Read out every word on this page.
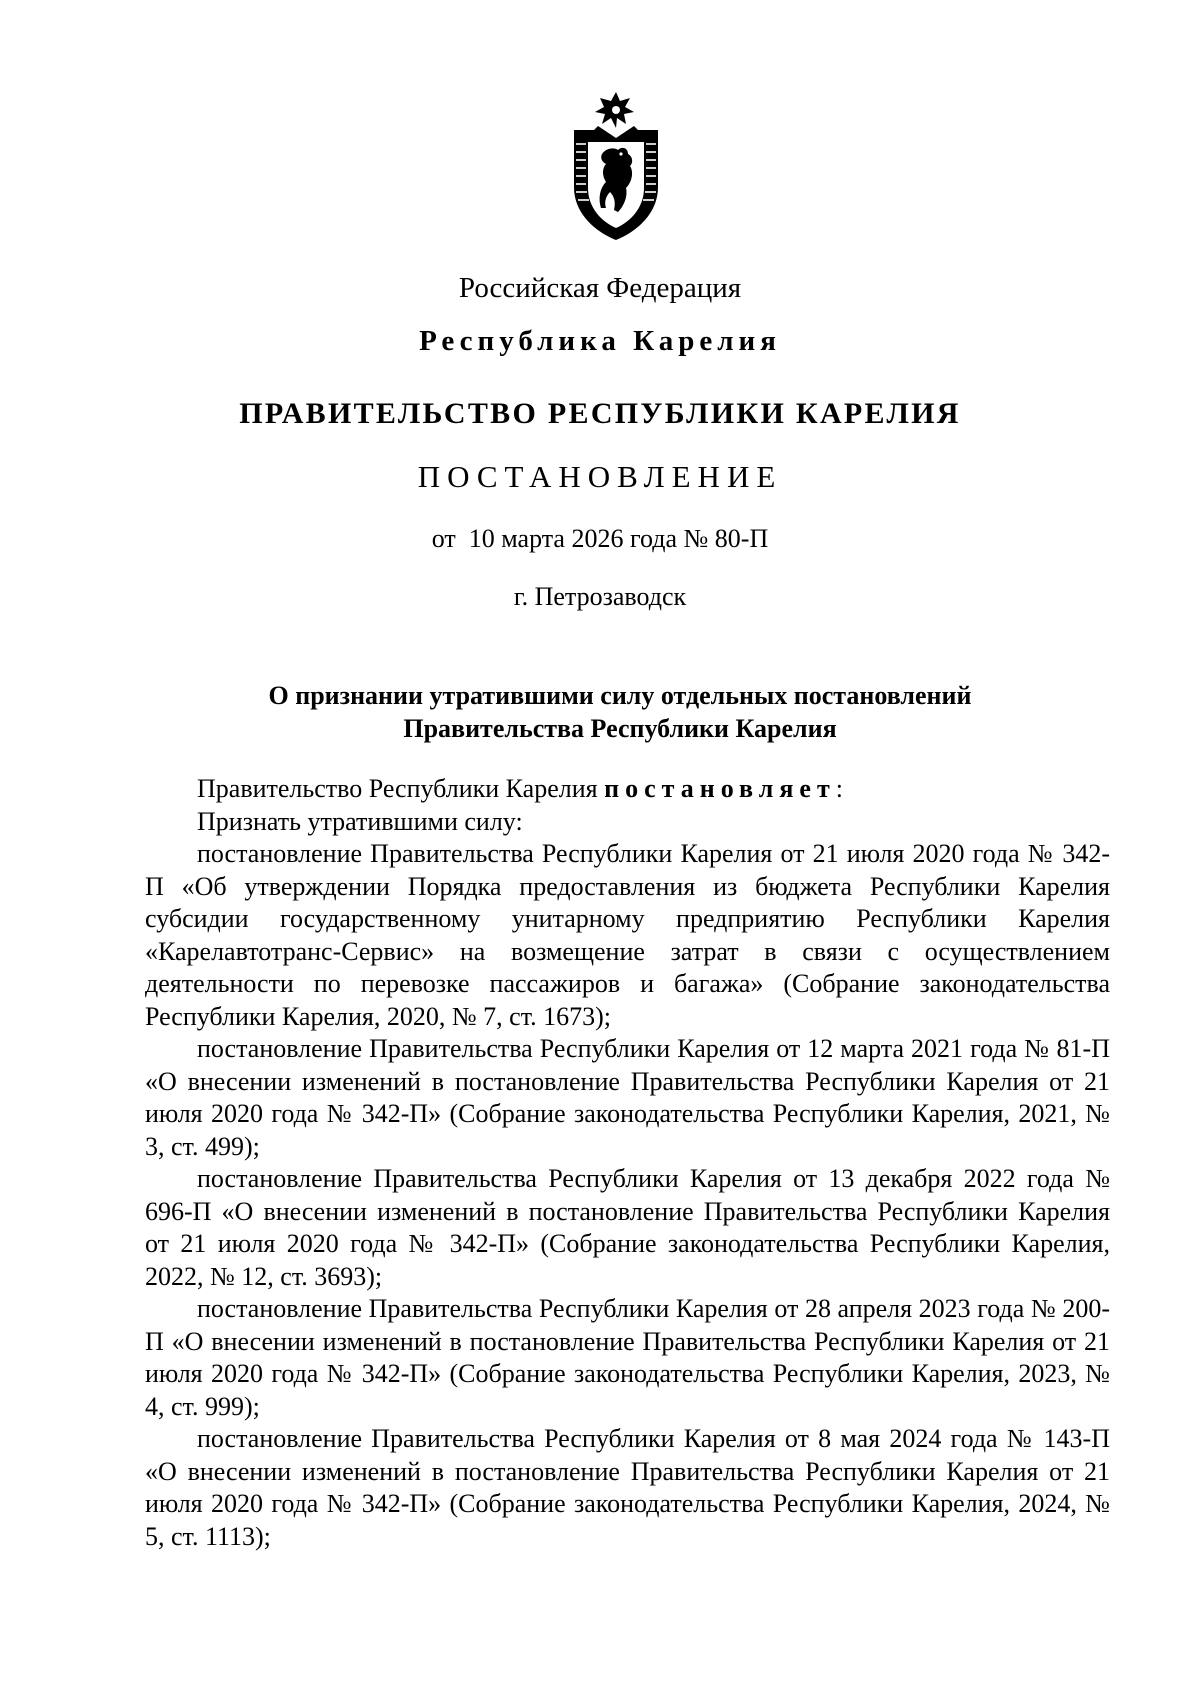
Российская Федерация
Республика Карелия
ПРАВИТЕЛЬСТВО РЕСПУБЛИКИ КАРЕЛИЯ
ПОСТАНОВЛЕНИЕ
от  10 марта 2026 года № 80-П
г. Петрозаводск
О признании утратившими силу отдельных постановлений
Правительства Республики Карелия

Правительство Республики Карелия постановляет:

Признать утратившими силу:

постановление Правительства Республики Карелия от 21 июля 2020 года № 342-П «Об утверждении Порядка предоставления из бюджета Республики Карелия субсидии государственному унитарному предприятию Республики Карелия «Карелавтотранс-Сервис» на возмещение затрат в связи с осуществлением деятельности по перевозке пассажиров и багажа» (Собрание законодательства Республики Карелия, 2020, № 7, ст. 1673);

постановление Правительства Республики Карелия от 12 марта 2021 года № 81-П «О внесении изменений в постановление Правительства Республики Карелия от 21 июля 2020 года № 342-П» (Собрание законодательства Республики Карелия, 2021, № 3, ст. 499);

постановление Правительства Республики Карелия от 13 декабря 2022 года № 696-П «О внесении изменений в постановление Правительства Республики Карелия от 21 июля 2020 года № 342-П» (Собрание законодательства Республики Карелия, 2022, № 12, ст. 3693);

постановление Правительства Республики Карелия от 28 апреля 2023 года № 200-П «О внесении изменений в постановление Правительства Республики Карелия от 21 июля 2020 года № 342-П» (Собрание законодательства Республики Карелия, 2023, № 4, ст. 999);

постановление Правительства Республики Карелия от 8 мая 2024 года № 143-П «О внесении изменений в постановление Правительства Республики Карелия от 21 июля 2020 года № 342-П» (Собрание законодательства Республики Карелия, 2024, № 5, ст. 1113);
